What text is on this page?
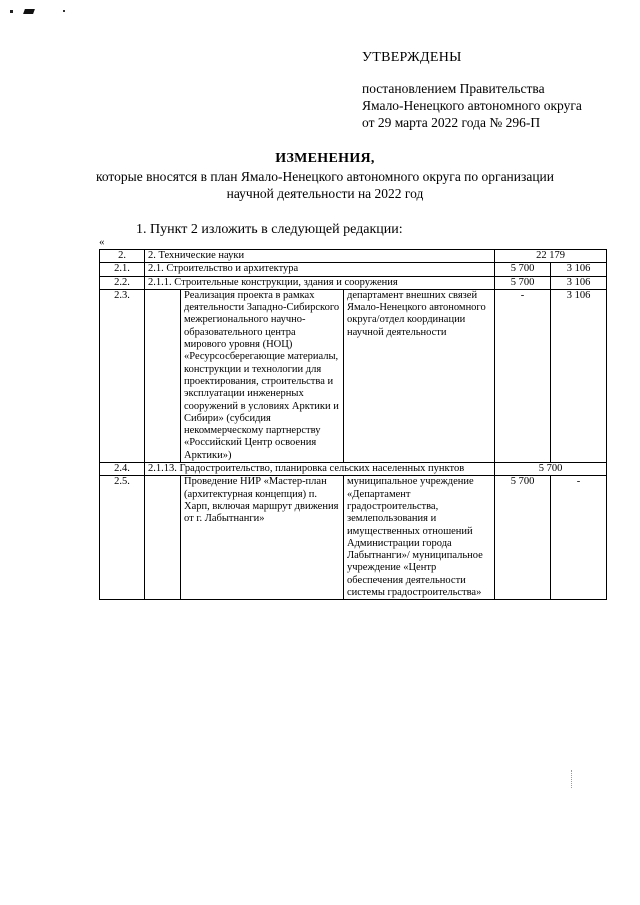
УТВЕРЖДЕНЫ
постановлением Правительства
Ямало-Ненецкого автономного округа
от 29 марта 2022 года № 296-П
ИЗМЕНЕНИЯ,
которые вносятся в план Ямало-Ненецкого автономного округа по организации
научной деятельности на 2022 год
1. Пункт 2 изложить в следующей редакции:
«
2.	2. Технические науки			22 179	
2.1.	2.1. Строительство и архитектура			5 700	3 106
2.2.	2.1.1. Строительные конструкции, здания и сооружения			5 700	3 106
2.3.		Реализация проекта в рамках деятельности Западно-Сибирского межрегионального научно-образовательного центра мирового уровня (НОЦ) «Ресурсосберегающие материалы, конструкции и технологии для проектирования, строительства и эксплуатации инженерных сооружений в условиях Арктики и Сибири» (субсидия некоммерческому партнерству «Российский Центр освоения Арктики»)	департамент внешних связей Ямало-Ненецкого автономного округа/отдел координации научной деятельности	-	3 106
2.4.	2.1.13. Градостроительство, планировка сельских населенных пунктов			5 700	
2.5.		Проведение НИР «Мастер-план (архитектурная концепция) п. Харп, включая маршрут движения от г. Лабытнанги»	муниципальное учреждение «Департамент градостроительства, землепользования и имущественных отношений Администрации города Лабытнанги»/ муниципальное учреждение «Центр обеспечения деятельности системы градостроительства»	5 700	-
